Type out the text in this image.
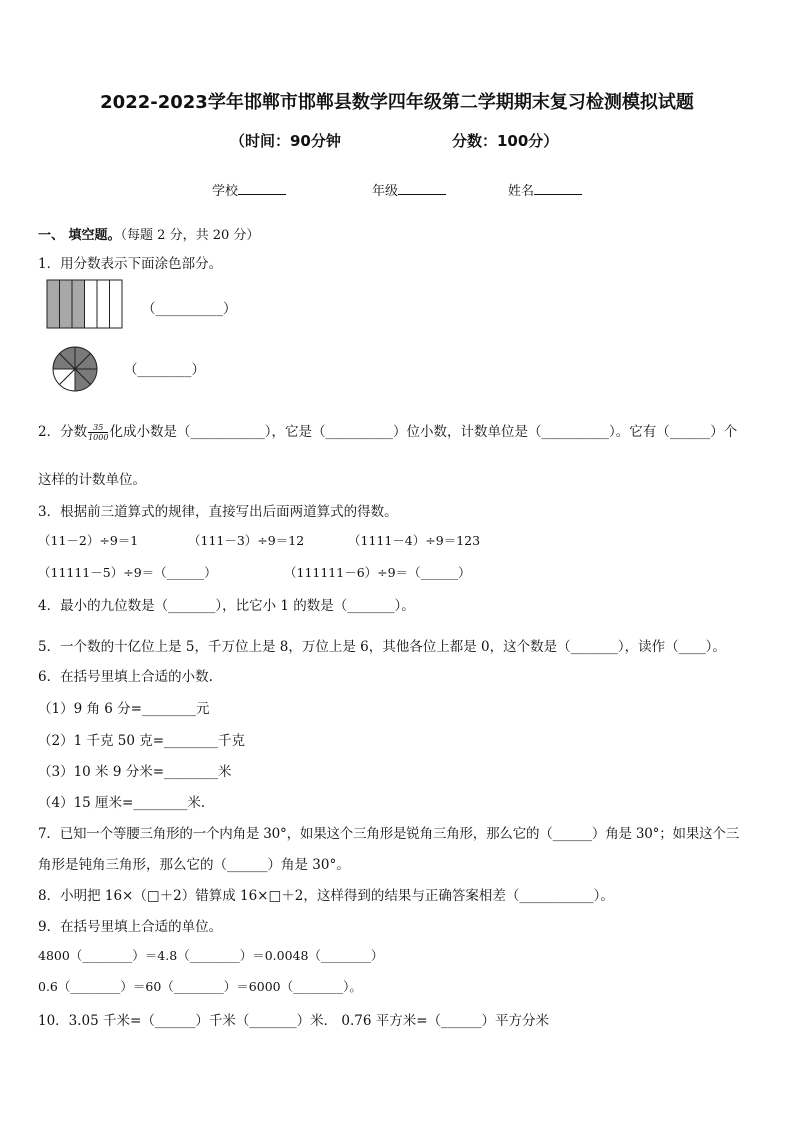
2022-2023学年邯郸市邯郸县数学四年级第二学期期末复习检测模拟试题
（时间：90分钟	分数：100分）
学校	年级	姓名
一、 填空题。（每题 2 分，共 20 分）
1．用分数表示下面涂色部分。
（__________）
（________）
2．分数 $\frac{35}{1000}$ 化成小数是（___________），它是（__________）位小数，计数单位是（__________）。它有（______）个
这样的计数单位。
3．根据前三道算式的规律，直接写出后面两道算式的得数。
（11－2）÷9＝1	（111－3）÷9＝12	（1111－4）÷9＝123
（11111－5）÷9＝（______）	（111111－6）÷9＝（______）
4．最小的九位数是（_______），比它小 1 的数是（_______）。
5．一个数的十亿位上是 5，千万位上是 8，万位上是 6，其他各位上都是 0，这个数是（_______），读作（____）。
6．在括号里填上合适的小数.
（1）9 角 6 分=________元
（2）1 千克 50 克=________千克
（3）10 米 9 分米=________米
（4）15 厘米=________米.
7．已知一个等腰三角形的一个内角是 30°，如果这个三角形是锐角三角形，那么它的（______）角是 30°；如果这个三
角形是钝角三角形，那么它的（______）角是 30°。
8．小明把 16×（□＋2）错算成 16×□＋2，这样得到的结果与正确答案相差（___________）。
9．在括号里填上合适的单位。
4800（________）＝4.8（________）＝0.0048（________）
0.6（________）＝60（________）＝6000（________）。
10．3.05 千米=（______）千米（_______）米． 0.76 平方米=（______）平方分米
